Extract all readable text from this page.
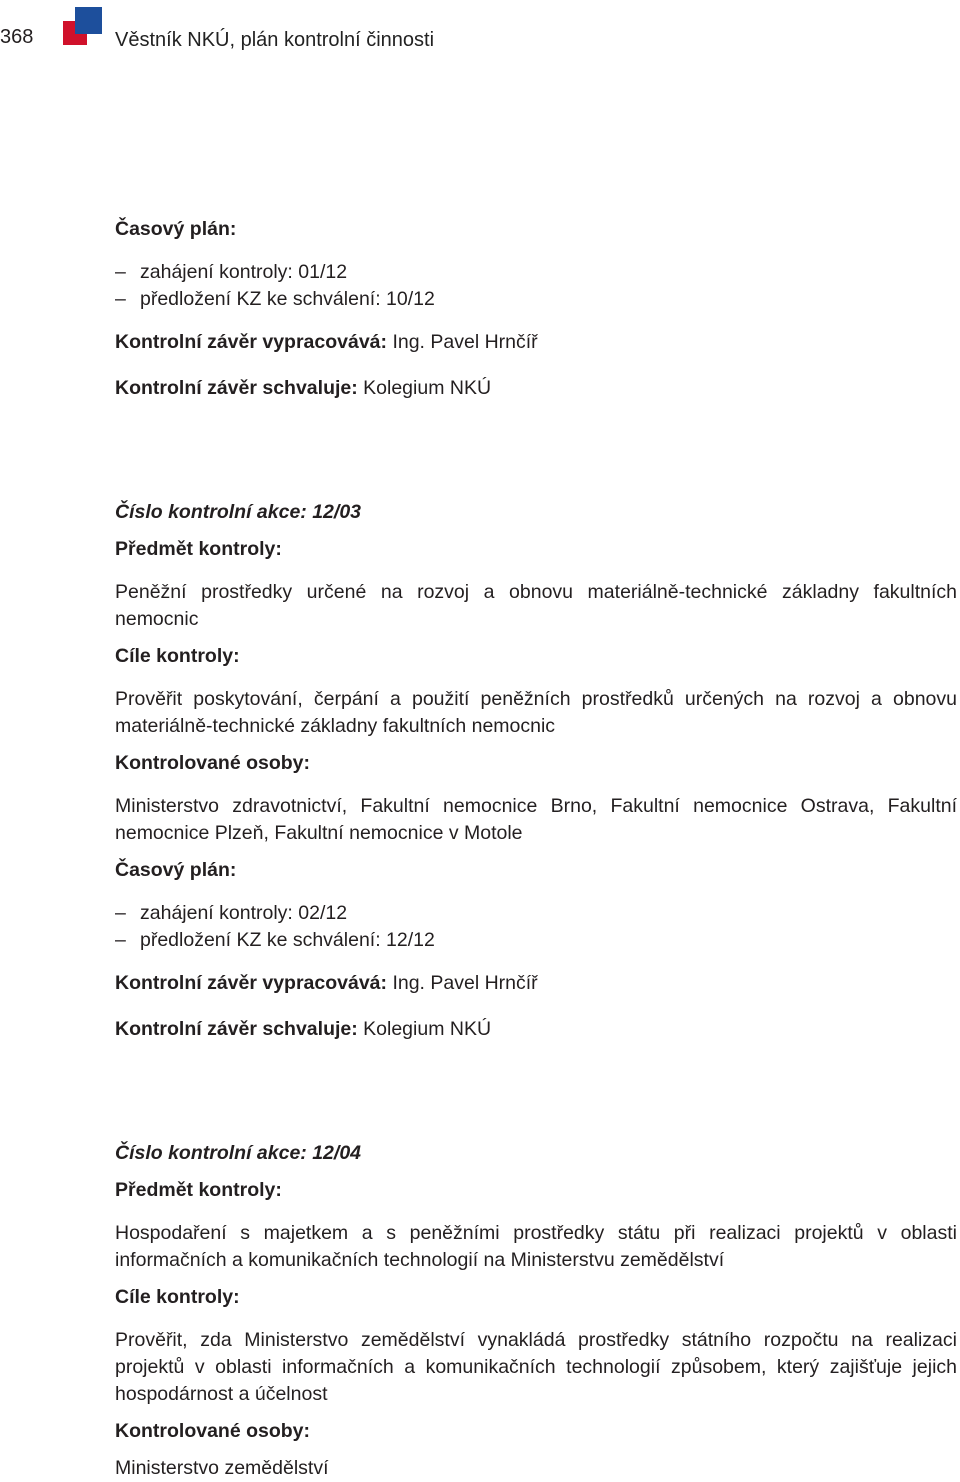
368	Věstník NKÚ, plán kontrolní činnosti

Časový plán:

– zahájení kontroly: 01/12
– předložení KZ ke schválení: 10/12

Kontrolní závěr vypracovává: Ing. Pavel Hrnčíř

Kontrolní závěr schvaluje: Kolegium NKÚ

Číslo kontrolní akce: 12/03

Předmět kontroly:

Peněžní prostředky určené na rozvoj a obnovu materiálně-technické základny fakultních nemocnic

Cíle kontroly:

Prověřit poskytování, čerpání a použití peněžních prostředků určených na rozvoj a obnovu materiálně-technické základny fakultních nemocnic

Kontrolované osoby:

Ministerstvo zdravotnictví, Fakultní nemocnice Brno, Fakultní nemocnice Ostrava, Fakultní nemocnice Plzeň, Fakultní nemocnice v Motole

Časový plán:

– zahájení kontroly: 02/12
– předložení KZ ke schválení: 12/12

Kontrolní závěr vypracovává: Ing. Pavel Hrnčíř

Kontrolní závěr schvaluje: Kolegium NKÚ

Číslo kontrolní akce: 12/04

Předmět kontroly:

Hospodaření s majetkem a s peněžními prostředky státu při realizaci projektů v oblasti informačních a komunikačních technologií na Ministerstvu zemědělství

Cíle kontroly:

Prověřit, zda Ministerstvo zemědělství vynakládá prostředky státního rozpočtu na realizaci projektů v oblasti informačních a komunikačních technologií způsobem, který zajišťuje jejich hospodárnost a účelnost

Kontrolované osoby:

Ministerstvo zemědělství
